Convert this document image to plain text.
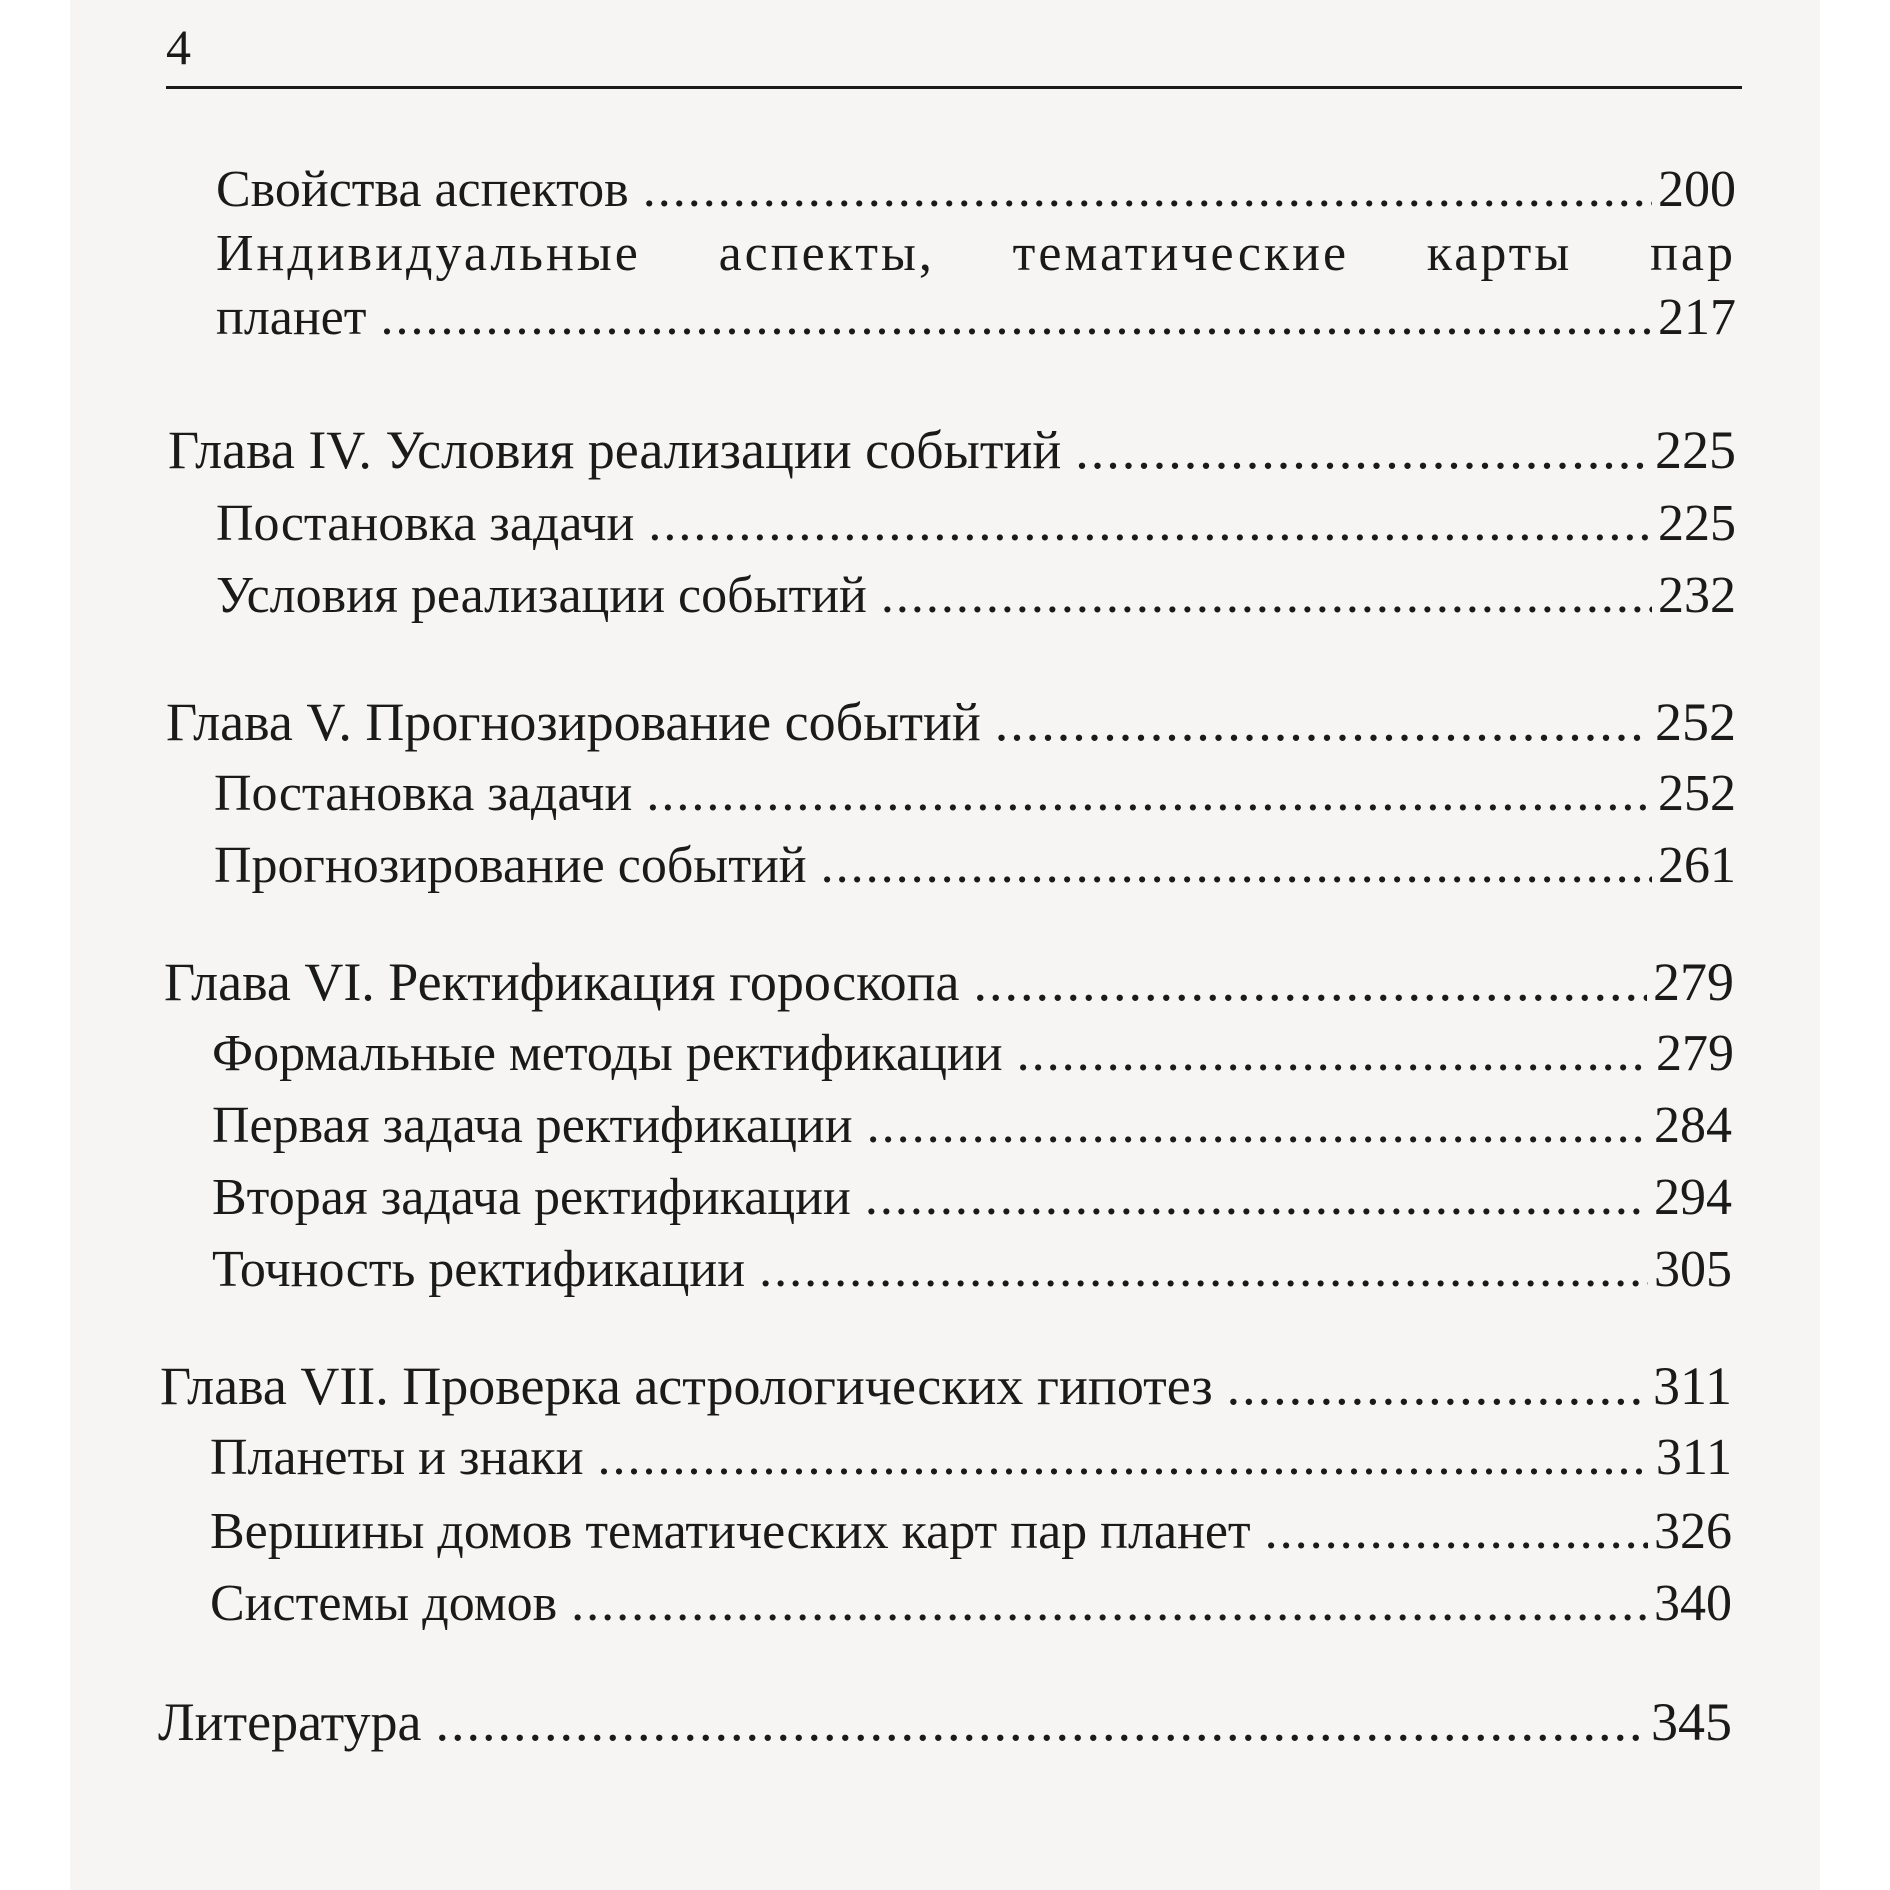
4
Свойства аспектов .....	200
Индивидуальные аспекты, тематические карты пар
планет .....	217
Глава IV. Условия реализации событий .....	225
Постановка задачи .....	225
Условия реализации событий .....	232
Глава V. Прогнозирование событий .....	252
Постановка задачи .....	252
Прогнозирование событий .....	261
Глава VI. Ректификация гороскопа .....	279
Формальные методы ректификации .....	279
Первая задача ректификации .....	284
Вторая задача ректификации .....	294
Точность ректификации .....	305
Глава VII. Проверка астрологических гипотез .....	311
Планеты и знаки .....	311
Вершины домов тематических карт пар планет .....	326
Системы домов .....	340
Литература .....	345
